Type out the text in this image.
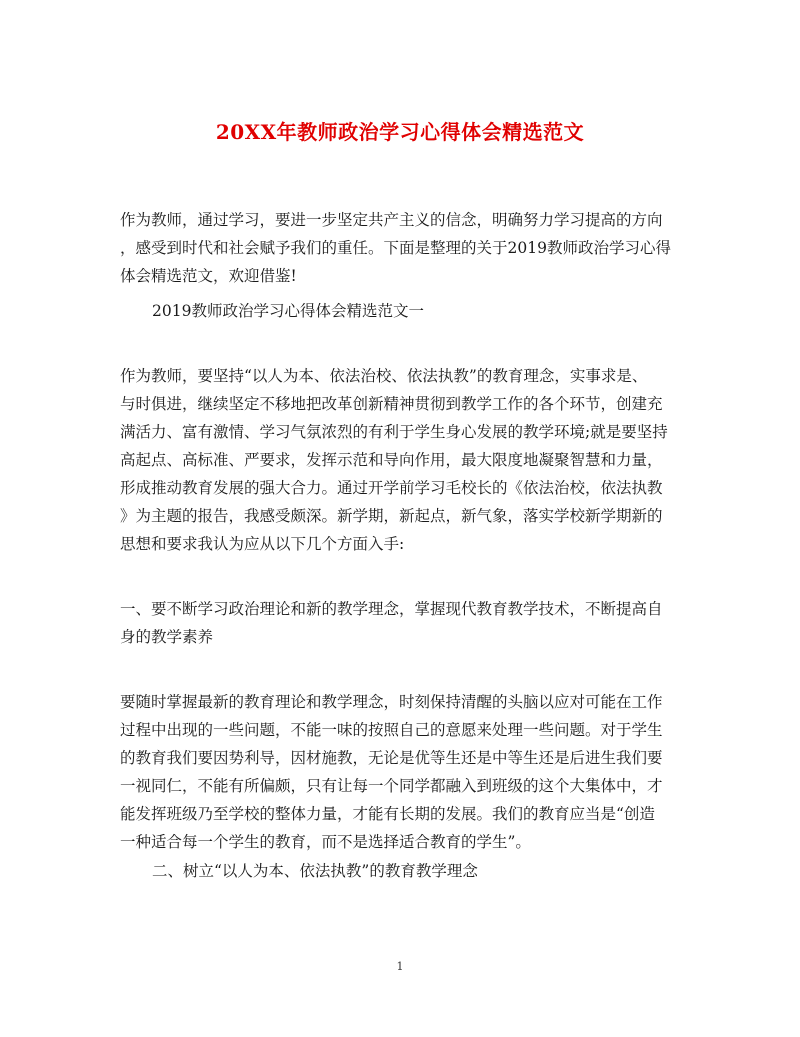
20XX年教师政治学习心得体会精选范文
作为教师，通过学习，要进一步坚定共产主义的信念，明确努力学习提高的方向
，感受到时代和社会赋予我们的重任。下面是整理的关于2019教师政治学习心得
体会精选范文，欢迎借鉴!
2019教师政治学习心得体会精选范文一
作为教师，要坚持“以人为本、依法治校、依法执教”的教育理念，实事求是、
与时俱进，继续坚定不移地把改革创新精神贯彻到教学工作的各个环节，创建充
满活力、富有激情、学习气氛浓烈的有利于学生身心发展的教学环境;就是要坚持
高起点、高标准、严要求，发挥示范和导向作用，最大限度地凝聚智慧和力量，
形成推动教育发展的强大合力。通过开学前学习毛校长的《依法治校，依法执教
》为主题的报告，我感受颇深。新学期，新起点，新气象，落实学校新学期新的
思想和要求我认为应从以下几个方面入手:
一、要不断学习政治理论和新的教学理念，掌握现代教育教学技术，不断提高自
身的教学素养
要随时掌握最新的教育理论和教学理念，时刻保持清醒的头脑以应对可能在工作
过程中出现的一些问题，不能一味的按照自己的意愿来处理一些问题。对于学生
的教育我们要因势利导，因材施教，无论是优等生还是中等生还是后进生我们要
一视同仁，不能有所偏颇，只有让每一个同学都融入到班级的这个大集体中，才
能发挥班级乃至学校的整体力量，才能有长期的发展。我们的教育应当是“创造
一种适合每一个学生的教育，而不是选择适合教育的学生”。
二、树立“以人为本、依法执教”的教育教学理念
1
